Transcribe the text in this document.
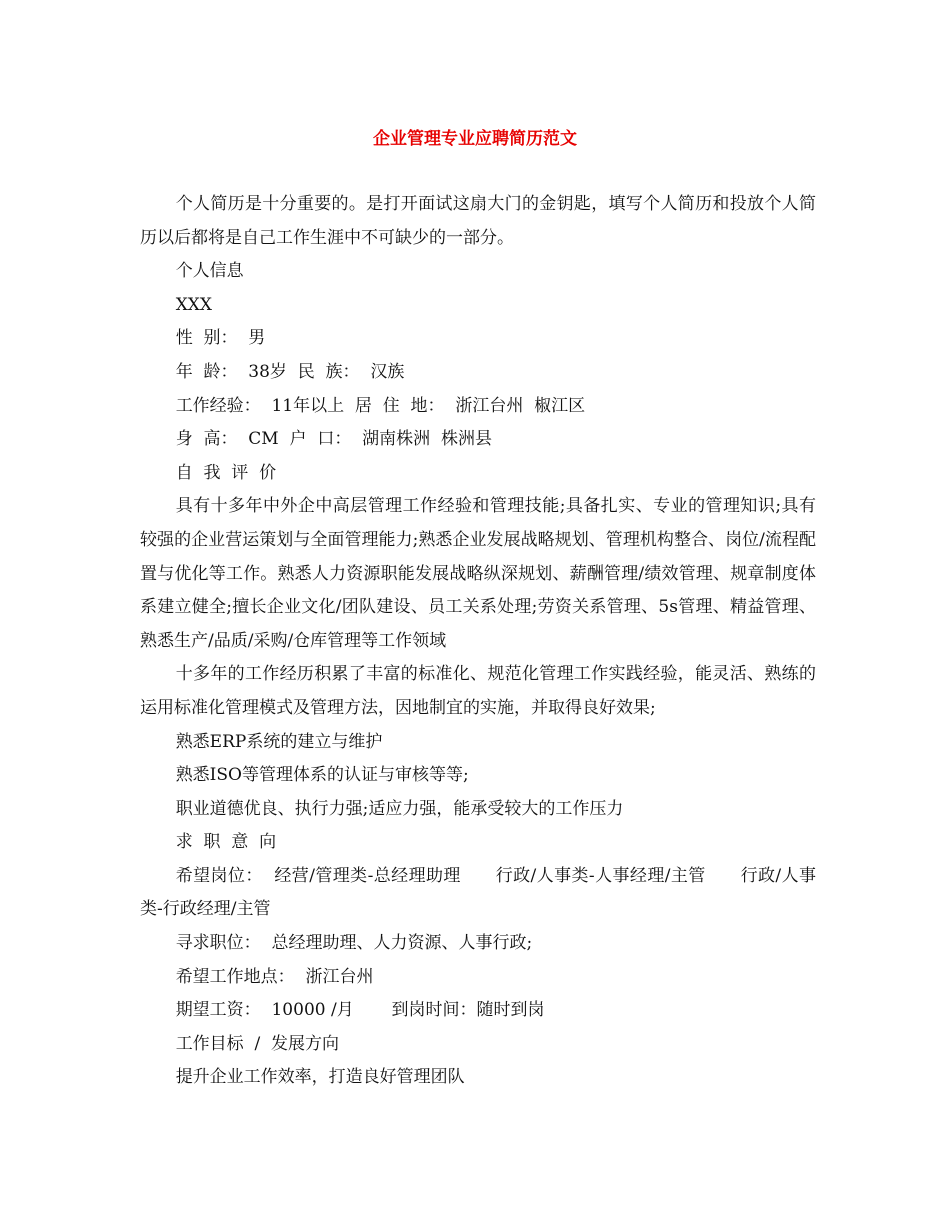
企业管理专业应聘简历范文

个人简历是十分重要的。是打开面试这扇大门的金钥匙，填写个人简历和投放个人简历以后都将是自己工作生涯中不可缺少的一部分。

个人信息

XXX

性  别：  男

年  龄：  38岁  民  族：  汉族

工作经验：  11年以上  居  住  地：  浙江台州  椒江区

身  高：  CM  户  口：  湖南株洲  株洲县

自  我  评  价

具有十多年中外企中高层管理工作经验和管理技能;具备扎实、专业的管理知识;具有较强的企业营运策划与全面管理能力;熟悉企业发展战略规划、管理机构整合、岗位/流程配置与优化等工作。熟悉人力资源职能发展战略纵深规划、薪酬管理/绩效管理、规章制度体系建立健全;擅长企业文化/团队建设、员工关系处理;劳资关系管理、5s管理、精益管理、熟悉生产/品质/采购/仓库管理等工作领域

十多年的工作经历积累了丰富的标准化、规范化管理工作实践经验，能灵活、熟练的运用标准化管理模式及管理方法，因地制宜的实施，并取得良好效果;

熟悉ERP系统的建立与维护

熟悉ISO等管理体系的认证与审核等等;

职业道德优良、执行力强;适应力强，能承受较大的工作压力

求  职  意  向

希望岗位：  经营/管理类-总经理助理      行政/人事类-人事经理/主管      行政/人事类-行政经理/主管

寻求职位：  总经理助理、人力资源、人事行政;

希望工作地点：  浙江台州

期望工资：  10000 /月       到岗时间：随时到岗

工作目标  /  发展方向

提升企业工作效率，打造良好管理团队
